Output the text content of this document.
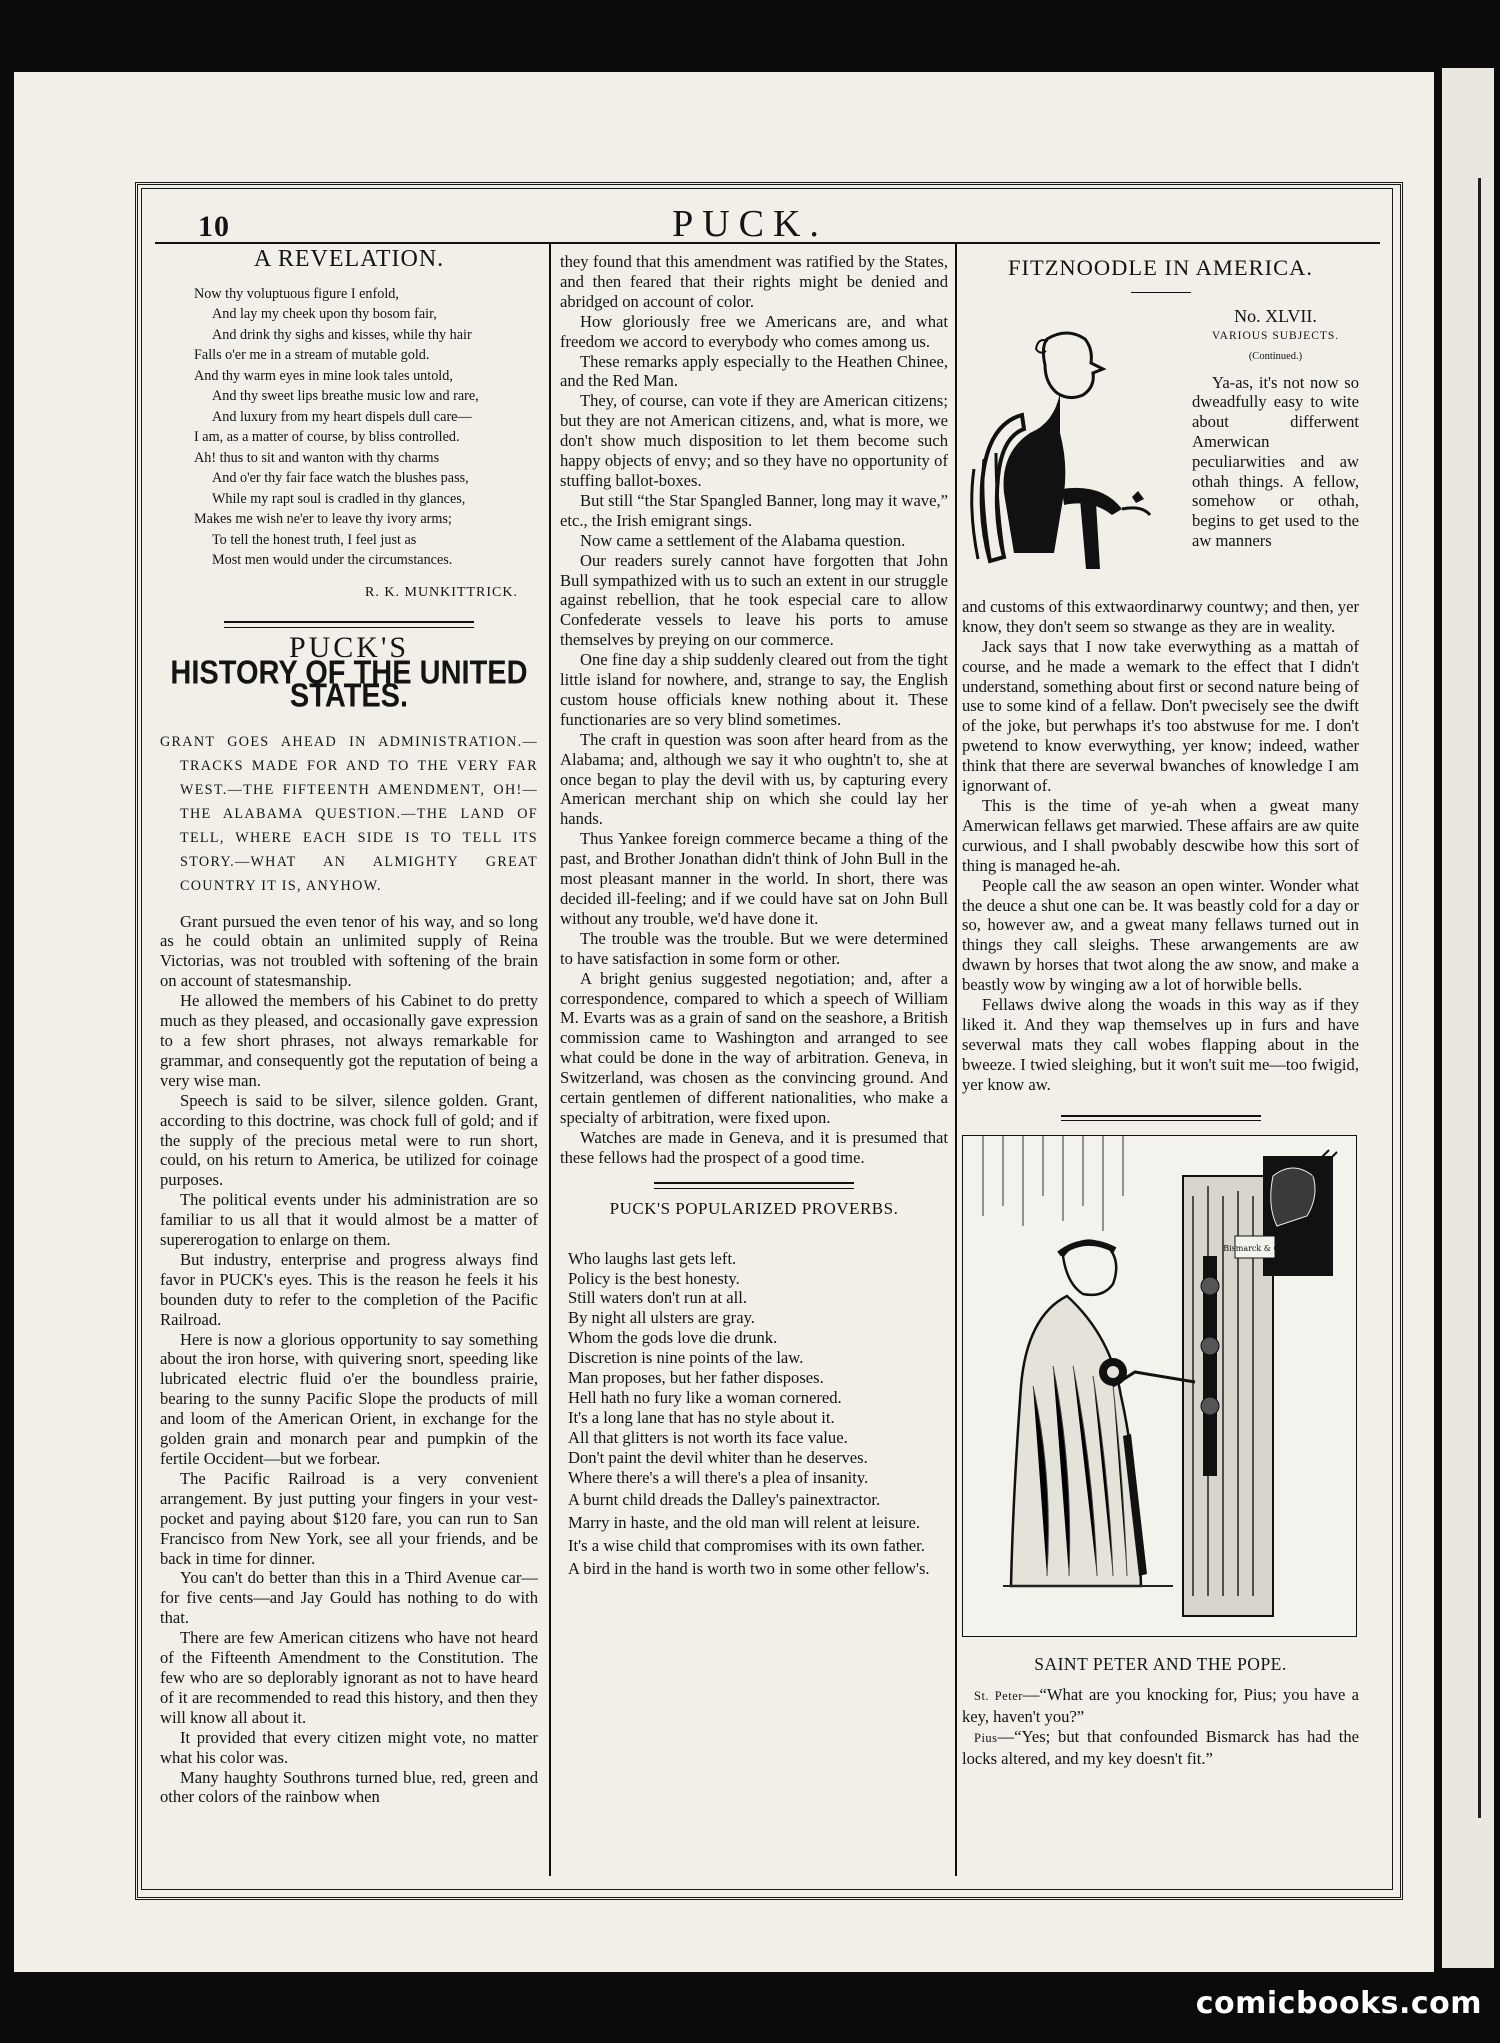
10	PUCK.
A REVELATION.
Now thy voluptuous figure I enfold,
And lay my cheek upon thy bosom fair,
And drink thy sighs and kisses, while thy hair
Falls o'er me in a stream of mutable gold.
And thy warm eyes in mine look tales untold,
And thy sweet lips breathe music low and rare,
And luxury from my heart dispels dull care—
I am, as a matter of course, by bliss controlled.
Ah! thus to sit and wanton with thy charms
And o'er thy fair face watch the blushes pass,
While my rapt soul is cradled in thy glances,
Makes me wish ne'er to leave thy ivory arms;
To tell the honest truth, I feel just as
Most men would under the circumstances.
R. K. MUNKITTRICK.
PUCK'S
HISTORY OF THE UNITED STATES.
GRANT GOES AHEAD IN ADMINISTRATION.—TRACKS MADE FOR AND TO THE VERY FAR WEST.—THE FIFTEENTH AMENDMENT, OH!—THE ALABAMA QUESTION.—THE LAND OF TELL, WHERE EACH SIDE IS TO TELL ITS STORY.—WHAT AN ALMIGHTY GREAT COUNTRY IT IS, ANYHOW.

Grant pursued the even tenor of his way, and so long as he could obtain an unlimited supply of Reina Victorias, was not troubled with softening of the brain on account of statesmanship.

He allowed the members of his Cabinet to do pretty much as they pleased, and occasionally gave expression to a few short phrases, not always remarkable for grammar, and consequently got the reputation of being a very wise man.

Speech is said to be silver, silence golden. Grant, according to this doctrine, was chock full of gold; and if the supply of the precious metal were to run short, could, on his return to America, be utilized for coinage purposes.

The political events under his administration are so familiar to us all that it would almost be a matter of supererogation to enlarge on them.

But industry, enterprise and progress always find favor in PUCK's eyes. This is the reason he feels it his bounden duty to refer to the completion of the Pacific Railroad.

Here is now a glorious opportunity to say something about the iron horse, with quivering snort, speeding like lubricated electric fluid o'er the boundless prairie, bearing to the sunny Pacific Slope the products of mill and loom of the American Orient, in exchange for the golden grain and monarch pear and pumpkin of the fertile Occident—but we forbear.

The Pacific Railroad is a very convenient arrangement. By just putting your fingers in your vest-pocket and paying about $120 fare, you can run to San Francisco from New York, see all your friends, and be back in time for dinner.

You can't do better than this in a Third Avenue car—for five cents—and Jay Gould has nothing to do with that.

There are few American citizens who have not heard of the Fifteenth Amendment to the Constitution. The few who are so deplorably ignorant as not to have heard of it are recommended to read this history, and then they will know all about it.

It provided that every citizen might vote, no matter what his color was.

Many haughty Southrons turned blue, red, green and other colors of the rainbow when

they found that this amendment was ratified by the States, and then feared that their rights might be denied and abridged on account of color.

How gloriously free we Americans are, and what freedom we accord to everybody who comes among us.

These remarks apply especially to the Heathen Chinee, and the Red Man.

They, of course, can vote if they are American citizens; but they are not American citizens, and, what is more, we don't show much disposition to let them become such happy objects of envy; and so they have no opportunity of stuffing ballot-boxes.

But still “the Star Spangled Banner, long may it wave,” etc., the Irish emigrant sings.

Now came a settlement of the Alabama question.

Our readers surely cannot have forgotten that John Bull sympathized with us to such an extent in our struggle against rebellion, that he took especial care to allow Confederate vessels to leave his ports to amuse themselves by preying on our commerce.

One fine day a ship suddenly cleared out from the tight little island for nowhere, and, strange to say, the English custom house officials knew nothing about it. These functionaries are so very blind sometimes.

The craft in question was soon after heard from as the Alabama; and, although we say it who oughtn't to, she at once began to play the devil with us, by capturing every American merchant ship on which she could lay her hands.

Thus Yankee foreign commerce became a thing of the past, and Brother Jonathan didn't think of John Bull in the most pleasant manner in the world. In short, there was decided ill-feeling; and if we could have sat on John Bull without any trouble, we'd have done it.

The trouble was the trouble. But we were determined to have satisfaction in some form or other.

A bright genius suggested negotiation; and, after a correspondence, compared to which a speech of William M. Evarts was as a grain of sand on the seashore, a British commission came to Washington and arranged to see what could be done in the way of arbitration. Geneva, in Switzerland, was chosen as the convincing ground. And certain gentlemen of different nationalities, who make a specialty of arbitration, were fixed upon.

Watches are made in Geneva, and it is presumed that these fellows had the prospect of a good time.

PUCK'S POPULARIZED PROVERBS.
Who laughs last gets left.
Policy is the best honesty.
Still waters don't run at all.
By night all ulsters are gray.
Whom the gods love die drunk.
Discretion is nine points of the law.
Man proposes, but her father disposes.
Hell hath no fury like a woman cornered.
It's a long lane that has no style about it.
All that glitters is not worth its face value.
Don't paint the devil whiter than he deserves.
Where there's a will there's a plea of insanity.

A burnt child dreads the Dalley's painextractor.

Marry in haste, and the old man will relent at leisure.

It's a wise child that compromises with its own father.

A bird in the hand is worth two in some other fellow's.

FITZNOODLE IN AMERICA.
No. XLVII.
VARIOUS SUBJECTS.
(Continued.)
Ya-as, it's not now so dweadfully easy to wite about differwent Amerwican peculiarwities and aw othah things. A fellow, somehow or othah, begins to get used to the aw manners

and customs of this extwaordinarwy countwy; and then, yer know, they don't seem so stwange as they are in weality.

Jack says that I now take everwything as a mattah of course, and he made a wemark to the effect that I didn't understand, something about first or second nature being of use to some kind of a fellaw. Don't pwecisely see the dwift of the joke, but perwhaps it's too abstwuse for me. I don't pwetend to know everwything, yer know; indeed, wather think that there are severwal bwanches of knowledge I am ignorwant of.

This is the time of ye-ah when a gweat many Amerwican fellaws get marwied. These affairs are aw quite curwious, and I shall pwobably descwibe how this sort of thing is managed he-ah.

People call the aw season an open winter. Wonder what the deuce a shut one can be. It was beastly cold for a day or so, however aw, and a gweat many fellaws turned out in things they call sleighs. These arwangements are aw dwawn by horses that twot along the aw snow, and make a beastly wow by winging aw a lot of horwible bells.

Fellaws dwive along the woads in this way as if they liked it. And they wap themselves up in furs and have severwal mats they call wobes flapping about in the bweeze. I twied sleighing, but it won't suit me—too fwigid, yer know aw.

Bismarck & Co.
SAINT PETER AND THE POPE.

St. Peter—“What are you knocking for, Pius; you have a key, haven't you?”

Pius—“Yes; but that confounded Bismarck has had the locks altered, and my key doesn't fit.”

comicbooks.com
